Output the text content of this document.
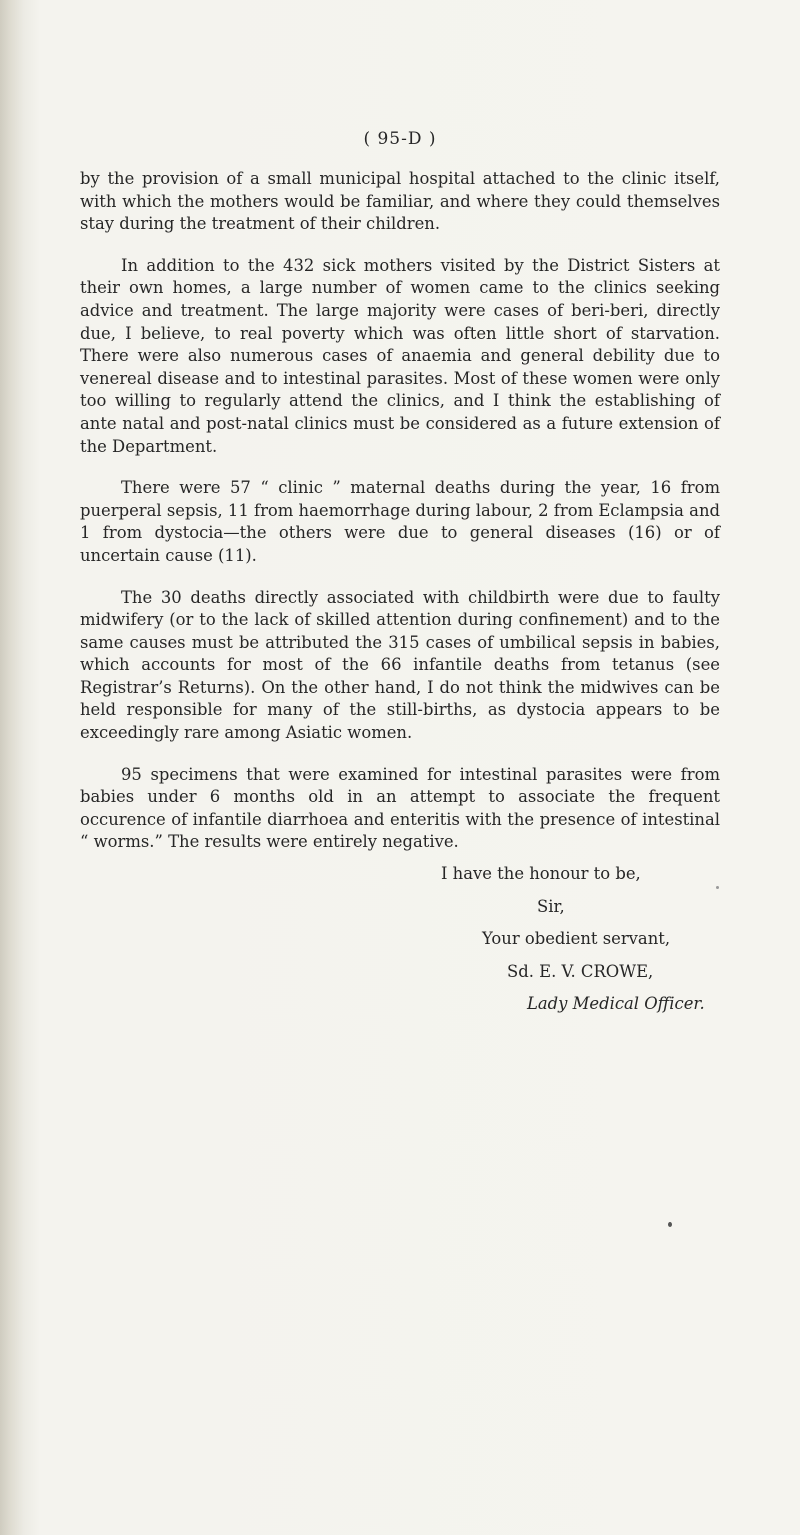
( 95-D )

by the provision of a small municipal hospital attached to the clinic itself, with which the mothers would be familiar, and where they could themselves stay during the treatment of their children.

In addition to the 432 sick mothers visited by the District Sisters at their own homes, a large number of women came to the clinics seeking advice and treatment. The large majority were cases of beri-beri, directly due, I believe, to real poverty which was often little short of starvation. There were also numerous cases of anaemia and general debility due to venereal disease and to intestinal parasites. Most of these women were only too willing to regularly attend the clinics, and I think the establishing of ante natal and post-natal clinics must be considered as a future extension of the Department.

There were 57 “ clinic ” maternal deaths during the year, 16 from puerperal sepsis, 11 from haemorrhage during labour, 2 from Eclampsia and 1 from dystocia—the others were due to general diseases (16) or of uncertain cause (11).

The 30 deaths directly associated with childbirth were due to faulty midwifery (or to the lack of skilled attention during confinement) and to the same causes must be attributed the 315 cases of umbilical sepsis in babies, which accounts for most of the 66 infantile deaths from tetanus (see Registrar’s Returns). On the other hand, I do not think the midwives can be held responsible for many of the still-births, as dystocia appears to be exceedingly rare among Asiatic women.

95 specimens that were examined for intestinal parasites were from babies under 6 months old in an attempt to associate the frequent occurence of infantile diarrhoea and enteritis with the presence of intestinal “ worms.” The results were entirely negative.

I have the honour to be,
Sir,
Your obedient servant,
Sd. E. V. CROWE,
Lady Medical Officer.
